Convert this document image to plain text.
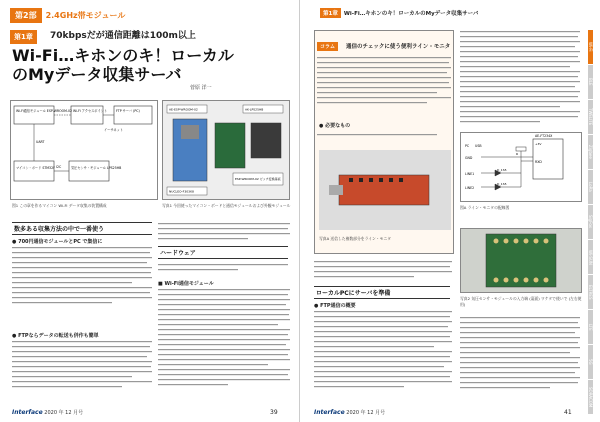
第2部	2.4GHz帯モジュール
第1章	70kbpsだが通信距離は100m以上
Wi-Fi…キホンのキ！ローカル
のMyデータ収集サーバ
菅原 洋一
Wi-Fi通信モジュール ESP-WROOM-02 Wi-Fi アクセスポイント	FTP サーバ (PC)
マイコン・ボード STM32F	気圧センサ・モジュール LPS25HB
UART
I2C
イーサネット
図1 この章を作るマイコン Wi-Fi データ収集の装置構成
AE-ESP-WROOM-02	AK-LPS25HB
NUCLEO-F303K8
ESP-WROOM-02 ピッチ変換基板
写真1 今回使ったマイコン・ボードと通信モジュールおよび外観モジュール
数多ある収集方法の中で一番使う
● 700円通信モジュールとPC で集信に
● FTPならデータの転送も併作も簡単
ハードウェア
■ Wi-Fi通信モジュール
Interface 2020 年 12 月号	39
第1章	Wi-Fi…キホンのキ！ローカルのMyデータ収集サーバ
コラム 通信のチェックに使う便利ライン・モニタ
● 必要なもの

写真A 送信した複数部分をライン・モニタ
AE-FT234X
PC USB
GND
RXD
LINE1
LINE2
D_1S5
D_1S5
R
+3V
図A ライン・モニタの配線図
ローカルPCにサーバを準備
● FTP通信の概要
写真2 気圧センサ・モジュールの入力端 (裏面) ワケタで使いで (左右使用)
Wi-Fi
BLE
TWELITE
Zigbee
LoRa
SigFox
Wi-SUN
ELTRES
LTE
5G
SORACOM
Interface 2020 年 12 月号	41
